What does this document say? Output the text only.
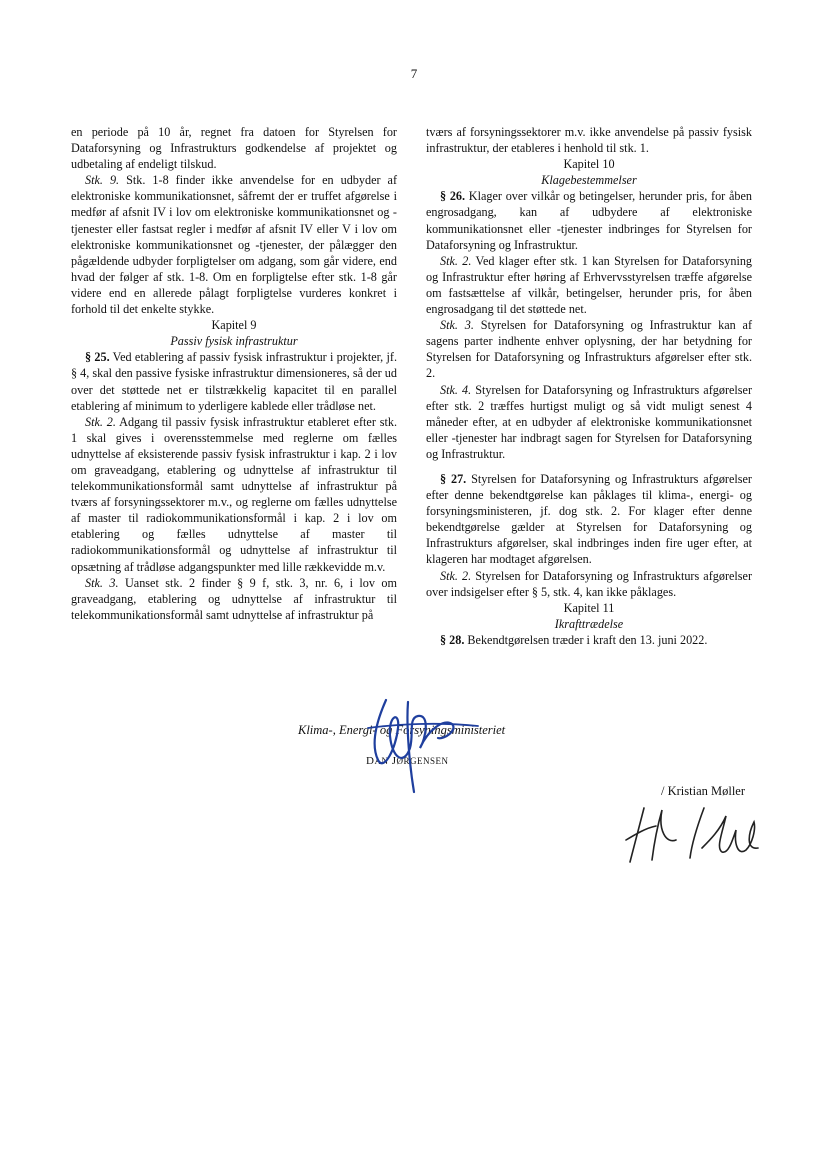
7

en periode på 10 år, regnet fra datoen for Styrelsen for Dataforsyning og Infrastrukturs godkendelse af projektet og udbetaling af endeligt tilskud.

Stk. 9. Stk. 1-8 finder ikke anvendelse for en udbyder af elektroniske kommunikationsnet, såfremt der er truffet afgørelse i medfør af afsnit IV i lov om elektroniske kommunikationsnet og -tjenester eller fastsat regler i medfør af afsnit IV eller V i lov om elektroniske kommunikationsnet og -tjenester, der pålægger den pågældende udbyder forpligtelser om adgang, som går videre, end hvad der følger af stk. 1-8. Om en forpligtelse efter stk. 1-8 går videre end en allerede pålagt forpligtelse vurderes konkret i forhold til det enkelte stykke.

Kapitel 9

Passiv fysisk infrastruktur

§ 25. Ved etablering af passiv fysisk infrastruktur i projekter, jf. § 4, skal den passive fysiske infrastruktur dimensioneres, så der ud over det støttede net er tilstrækkelig kapacitet til en parallel etablering af minimum to yderligere kablede eller trådløse net.

Stk. 2. Adgang til passiv fysisk infrastruktur etableret efter stk. 1 skal gives i overensstemmelse med reglerne om fælles udnyttelse af eksisterende passiv fysisk infrastruktur i kap. 2 i lov om graveadgang, etablering og udnyttelse af infrastruktur til telekommunikationsformål samt udnyttelse af infrastruktur på tværs af forsyningssektorer m.v., og reglerne om fælles udnyttelse af master til radiokommunikationsformål i kap. 2 i lov om etablering og fælles udnyttelse af master til radiokommunikationsformål og udnyttelse af infrastruktur til opsætning af trådløse adgangspunkter med lille rækkevidde m.v.

Stk. 3. Uanset stk. 2 finder § 9 f, stk. 3, nr. 6, i lov om graveadgang, etablering og udnyttelse af infrastruktur til telekommunikationsformål samt udnyttelse af infrastruktur på

tværs af forsyningssektorer m.v. ikke anvendelse på passiv fysisk infrastruktur, der etableres i henhold til stk. 1.

Kapitel 10

Klagebestemmelser

§ 26. Klager over vilkår og betingelser, herunder pris, for åben engrosadgang, kan af udbydere af elektroniske kommunikationsnet eller -tjenester indbringes for Styrelsen for Dataforsyning og Infrastruktur.

Stk. 2. Ved klager efter stk. 1 kan Styrelsen for Dataforsyning og Infrastruktur efter høring af Erhvervsstyrelsen træffe afgørelse om fastsættelse af vilkår, betingelser, herunder pris, for åben engrosadgang til det støttede net.

Stk. 3. Styrelsen for Dataforsyning og Infrastruktur kan af sagens parter indhente enhver oplysning, der har betydning for Styrelsen for Dataforsyning og Infrastrukturs afgørelser efter stk. 2.

Stk. 4. Styrelsen for Dataforsyning og Infrastrukturs afgørelser efter stk. 2 træffes hurtigst muligt og så vidt muligt senest 4 måneder efter, at en udbyder af elektroniske kommunikationsnet eller -tjenester har indbragt sagen for Styrelsen for Dataforsyning og Infrastruktur.

§ 27. Styrelsen for Dataforsyning og Infrastrukturs afgørelser efter denne bekendtgørelse kan påklages til klima-, energi- og forsyningsministeren, jf. dog stk. 2. For klager efter denne bekendtgørelse gælder at Styrelsen for Dataforsyning og Infrastrukturs afgørelser, skal indbringes inden fire uger efter, at klageren har modtaget afgørelsen.

Stk. 2. Styrelsen for Dataforsyning og Infrastrukturs afgørelser over indsigelser efter § 5, stk. 4, kan ikke påklages.

Kapitel 11

Ikrafttrædelse

§ 28. Bekendtgørelsen træder i kraft den 13. juni 2022.

Klima-, Energi- og Forsyningsministeriet
DAN JØRGENSEN
/ Kristian Møller
